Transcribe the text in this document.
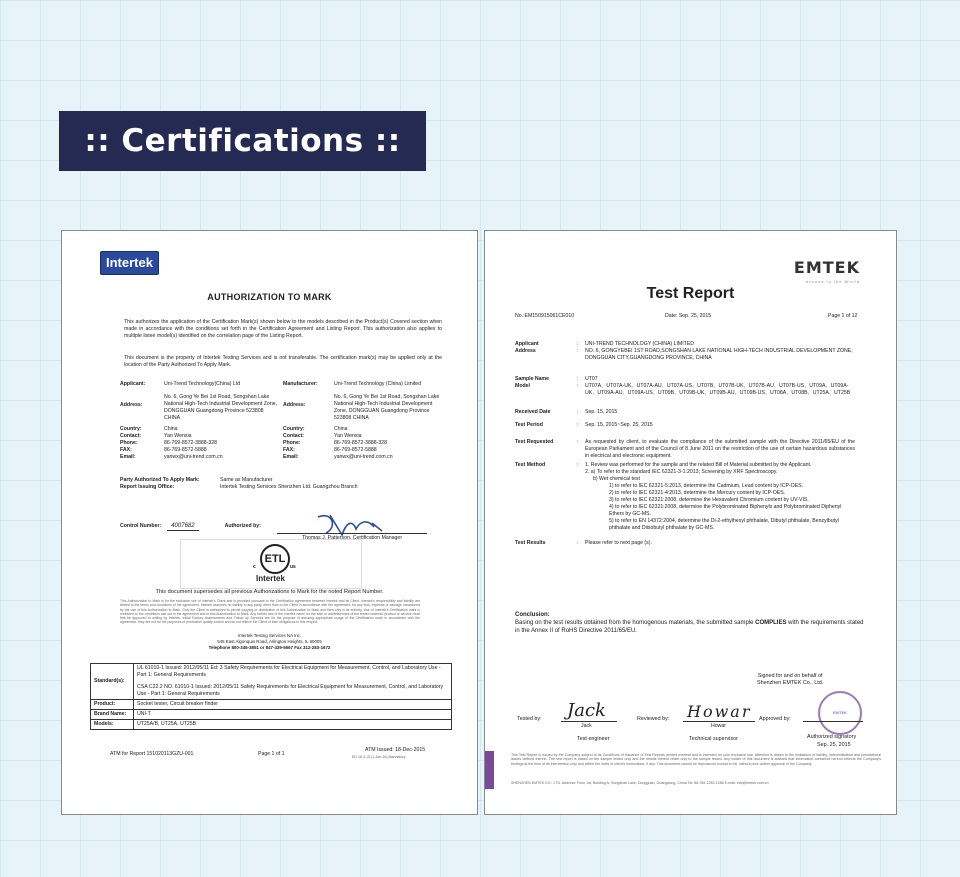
:: Certifications ::
Intertek
AUTHORIZATION TO MARK
This authorizes the application of the Certification Mark(s) shown below to the models described in the Product(s) Covered section when made in accordance with the conditions set forth in the Certification Agreement and Listing Report. This authorization also applies to multiple listee model(s) identified on the correlation page of the Listing Report.
This document is the property of Intertek Testing Services and is not transferable. The certification mark(s) may be applied only at the location of the Party Authorized To Apply Mark.
Applicant:	Uni-Trend Technology(China) Ltd	Manufacturer:	Uni-Trend Technology (China) Limited
Address:
No. 6, Gong Ye Bei 1st Road, Songshan Lake National High-Tech Industrial Development Zone, DONGGUAN Guangdong Province 523808 CHINA
Address:
No. 6, Gong Ye Bei 1st Road, Songshan Lake National High-Tech Industrial Development Zone, DONGGUAN Guangdong Province 523808 CHINA
Country:	China	Country:	China
Contact:	Yan Wenxia	Contact:	Yan Wenxia
Phone:	86-769-8572-3888-328	Phone:	86-769-8572-3888-328
FAX:	86-769-8572-5888	FAX:	86-769-8572-5888
Email:	yanwx@uni-trend.com.cn	Email:	yanwx@uni-trend.com.cn
Party Authorized To Apply Mark:	Same as Manufacturer
Report Issuing Office:	Intertek Testing Services Shenzhen Ltd. Guangzhou Branch
Control Number:	4007682	Authorized by:
Thomas J. Patterson, Certification Manager
ETL
c	us
Intertek
This document supersedes all previous Authorizations to Mark for the noted Report Number.
This Authorization to Mark is for the exclusive use of Intertek's Client and is provided pursuant to the Certification agreement between Intertek and its Client. Intertek's responsibility and liability are limited to the terms and conditions of the agreement. Intertek assumes no liability to any party, other than to the Client in accordance with the agreement, for any loss, expense or damage occasioned by the use of this Authorization to Mark. Only the Client is authorized to permit copying or distribution of this Authorization to Mark and then only in its entirety. Use of Intertek's Certification mark is restricted to the conditions laid out in the agreement and in this Authorization to Mark. Any further use of the Intertek name for the sale or advertisement of the tested material, product or service must first be approved in writing by Intertek. Initial Factory Assessments and Follow up Services are for the purpose of assuring appropriate usage of the Certification mark in accordance with the agreement, they are not for the purposes of production quality control and do not relieve the Client of their obligations in this respect.
Intertek Testing Services NA Inc.
545 East Algonquin Road, Arlington Heights, IL 60005
Telephone 800-345-3851 or 847-439-5667 Fax 312-283-1672
Standard(s):	UL 61010-1 Issued: 2012/05/11 Ed: 3 Safety Requirements for Electrical Equipment for Measurement, Control, and Laboratory Use - Part 1: General Requirements
CSA C22.2 NO. 61010-1 Issued: 2012/05/11 Safety Requirements for Electrical Equipment for Measurement, Control, and Laboratory Use - Part 1: General Requirements

Product:	Socket tester, Circuit breaker finder
Brand Name:	UNI-T
Models:	UT25A/B, UT25A, UT25B
ATM for Report 151020113GZU-001	Page 1 of 1
ATM Issued: 18-Dec-2015
ED 16.3.15 (1-Jan-16) Mandatory
EMTEK
Access to the World
Test Report
No.:EM150915061CE010	Date: Sep. 25, 2015	Page 1 of 12
Applicant	:	UNI-TREND TECHNOLOGY (CHINA) LIMITED
Address	:	NO. 6, GONGYEBEI 1ST ROAD,SONGSHAN LAKE NATIONAL HIGH-TECH INDUSTRIAL DEVELOPMENT ZONE, DONGGUAN CITY,GUANGDONG PROVINCE, CHINA
Sample Name	:	UT07
Model	:	UT07A、UT07A-UK、UT07A-AU、UT07A-US、UT07B、UT07B-UK、UT07B-AU、UT07B-US、UT09A、UT09A-UK、UT09A-AU、UT09A-US、UT09B、UT09B-UK、UT09B-AU、UT09B-US、UT08A、UT08B、UT25A、UT25B
Received Date	:	Sep. 15, 2015
Test Period	:	Sep. 15, 2015~Sep. 25, 2015
Test Requested	:	As requested by client, to evaluate the compliance of the submitted sample with the Directive 2011/65/EU of the European Parliament and of the Council of 8 June 2011 on the restriction of the use of certain hazardous substances in electrical and electronic equipment.
Test Method	:	1. Review was performed for the sample and the related Bill of Material submitted by the Applicant.
2. a) To refer to the standard IEC 62321-3-1:2013; Screening by XRF Spectroscopy.
b) Wet chemical test
1) to refer to IEC 62321-5:2013, determine the Cadmium, Lead content by ICP-OES.
2) to refer to IEC 62321-4:2013, determine the Mercury content by ICP-OES.
3) to refer to IEC 62321:2008, determine the Hexavalent Chromium content by UV-VIS.
4) to refer to IEC 62321:2008, determine the Polybrominated Biphenyls and Polybrominated Diphenyl Ethers by GC-MS.
5) to refer to EN 14372:2004, determine the Di-2-ethylhexyl phthalate, Dibutyl phthalate, Benzylbutyl phthalate and Diisobutyl phthalate by GC-MS.
Test Results	:	Please refer to next page (s).
Conclusion:
Basing on the test results obtained from the homogenous materials, the submitted sample COMPLIES with the requirements stated in the Annex II of RoHS Directive 2011/65/EU.
Signed for and on behalf of
Shenzhen EMTEK Co., Ltd.
EMTEK
Tested by: Jack
Jack
Test engineer
Reviewed by: Howar
Howar
Technical supervisor
Approved by:
Authorized signatory
Sep. 25, 2015
This Test Report is issued by the Company subject to its Conditions of Issuance of Test Reports printed overleaf and is intended for your exclusive use. Attention is drawn to the limitations of liability, indemnification and jurisdictional issues defined therein. The test report is based on the sample tested only and the results thereof relate only to the sample tested. Any holder of this document is advised that information contained hereon reflects the Company's findings at the time of its intervention only and within the limits of client's instructions, if any. This document cannot be reproduced except in full, without prior written approval of the Company.
SHENZHEN EMTEK CO., LTD. Address: Floor 1st, Building A, Songshan Lake, Dongguan, Guangdong, China Tel: 86-769-2263 1288 E-mail: info@emtek.com.cn
